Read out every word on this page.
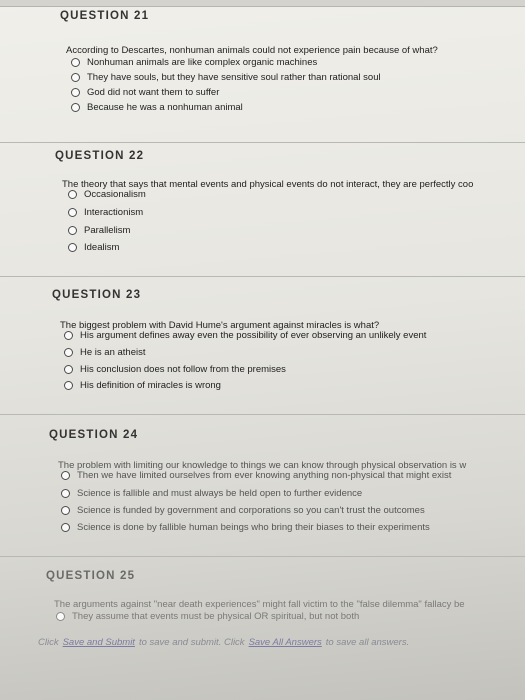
QUESTION 21
According to Descartes, nonhuman animals could not experience pain because of what?
Nonhuman animals are like complex organic machines
They have souls, but they have sensitive soul rather than rational soul
God did not want them to suffer
Because he was a nonhuman animal
QUESTION 22
The theory that says that mental events and physical events do not interact, they are perfectly coo
Occasionalism
Interactionism
Parallelism
Idealism
QUESTION 23
The biggest problem with David Hume's argument against miracles is what?
His argument defines away even the possibility of ever observing an unlikely event
He is an atheist
His conclusion does not follow from the premises
His definition of miracles is wrong
QUESTION 24
The problem with limiting our knowledge to things we can know through physical observation is w
Then we have limited ourselves from ever knowing anything non-physical that might exist
Science is fallible and must always be held open to further evidence
Science is funded by government and corporations so you can't trust the outcomes
Science is done by fallible human beings who bring their biases to their experiments
QUESTION 25
The arguments against "near death experiences" might fall victim to the "false dilemma" fallacy be
They assume that events must be physical OR spiritual, but not both
Click Save and Submit to save and submit. Click Save All Answers to save all answers.
